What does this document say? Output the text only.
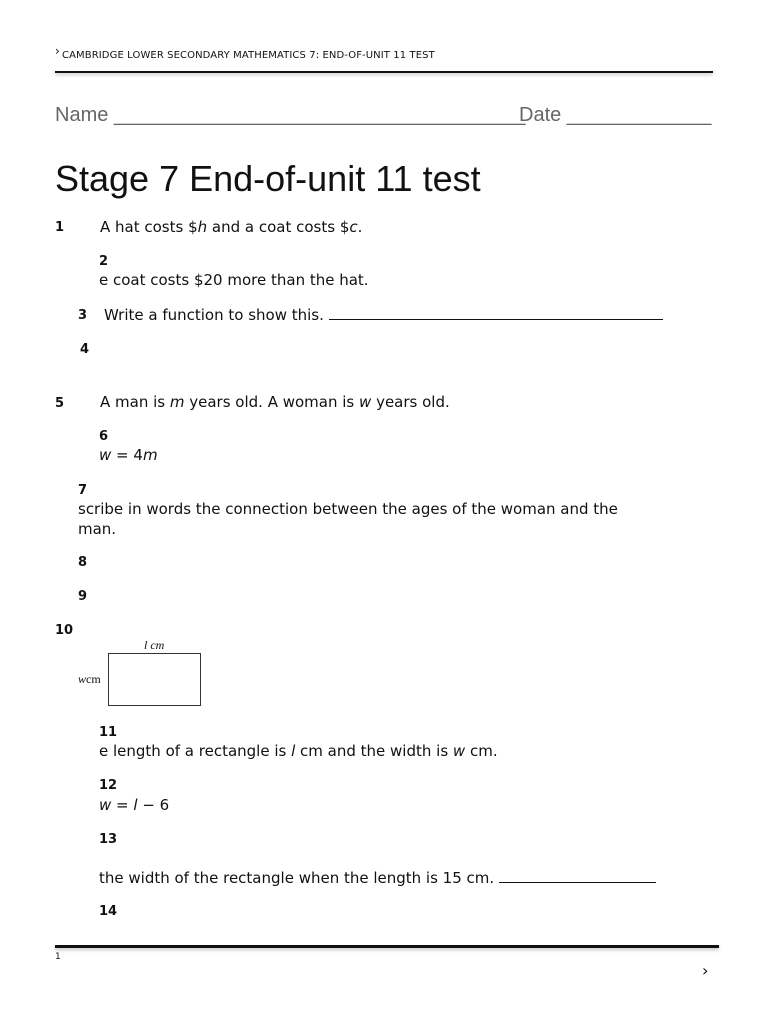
› CAMBRIDGE LOWER SECONDARY MATHEMATICS 7: END-OF-UNIT 11 TEST
Name _____________________________________
Date _____________
Stage 7 End-of-unit 11 test
1 A hat costs $h and a coat costs $c.
2
e coat costs $20 more than the hat.
3 Write a function to show this.
4
5 A man is m years old. A woman is w years old.
6
w = 4m
7
scribe in words the connection between the ages of the woman and the
man.
8
9
10
l cm
wcm
11
e length of a rectangle is l cm and the width is w cm.
12
w = l − 6
13
the width of the rectangle when the length is 15 cm.
14
1
›
